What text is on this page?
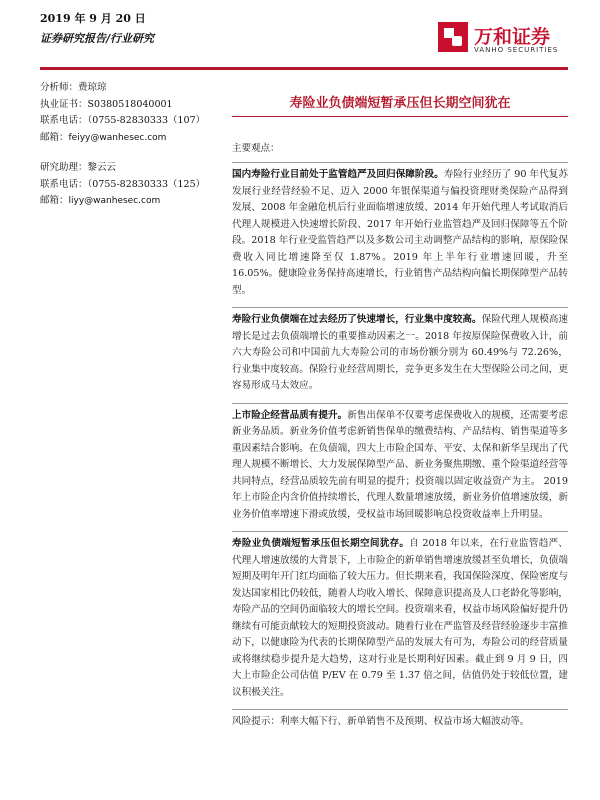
2019 年 9 月 20 日
证券研究报告/行业研究	万和证券
VANHO SECURITIES
分析师：费琼琼
执业证书：S0380518040001
联系电话：（0755-82830333（107）
邮箱：feiyy@wanhesec.com
研究助理：黎云云
联系电话：（0755-82830333（125）
邮箱：liyy@wanhesec.com
寿险业负债端短暂承压但长期空间犹在
主要观点：

国内寿险行业目前处于监管趋严及回归保障阶段。寿险行业经历了 90 年代复苏发展行业经营经验不足、迈入 2000 年银保渠道与偏投资理财类保险产品得到发展、2008 年金融危机后行业面临增速放缓、2014 年开始代理人考试取消后代理人规模进入快速增长阶段、2017 年开始行业监管趋严及回归保障等五个阶段。2018 年行业受监管趋严以及多数公司主动调整产品结构的影响，原保险保费收入同比增速降至仅 1.87%。2019 年上半年行业增速回暖，升至 16.05%。健康险业务保持高速增长，行业销售产品结构向偏长期保障型产品转型。

寿险行业负债端在过去经历了快速增长，行业集中度较高。保险代理人规模高速增长是过去负债端增长的重要推动因素之一。2018 年按原保险保费收入计，前六大寿险公司和中国前九大寿险公司的市场份额分别为 60.49%与 72.26%，行业集中度较高。保险行业经营周期长，竞争更多发生在大型保险公司之间，更容易形成马太效应。

上市险企经营品质有提升。新售出保单不仅要考虑保费收入的规模，还需要考虑新业务品质。新业务价值考虑新销售保单的缴费结构、产品结构、销售渠道等多重因素结合影响。在负债端，四大上市险企国寿、平安、太保和新华呈现出了代理人规模不断增长、大力发展保障型产品、新业务聚焦期缴、重个险渠道经营等共同特点，经营品质较先前有明显的提升；投资端以固定收益资产为主。 2019 年上市险企内含价值持续增长，代理人数量增速放缓，新业务价值增速放缓，新业务价值率增速下滑或放缓，受权益市场回暖影响总投资收益率上升明显。

寿险业负债端短暂承压但长期空间犹存。自 2018 年以来，在行业监管趋严、代理人增速放缓的大背景下，上市险企的新单销售增速放缓甚至负增长，负债端短期及明年开门红均面临了较大压力。但长期来看，我国保险深度、保险密度与发达国家相比仍较低，随着人均收入增长、保障意识提高及人口老龄化等影响，寿险产品的空间仍面临较大的增长空间。投资端来看，权益市场风险偏好提升仍继续有可能贡献较大的短期投资波动。随着行业在严监管及经营经验逐步丰富推动下，以健康险为代表的长期保障型产品的发展大有可为，寿险公司的经营质量或将继续稳步提升是大趋势，这对行业是长期利好因素。截止到 9 月 9 日，四大上市险企公司估值 P/EV 在 0.79 至 1.37 倍之间，估值仍处于较低位置，建议积极关注。

风险提示：利率大幅下行、新单销售不及预期、权益市场大幅波动等。
